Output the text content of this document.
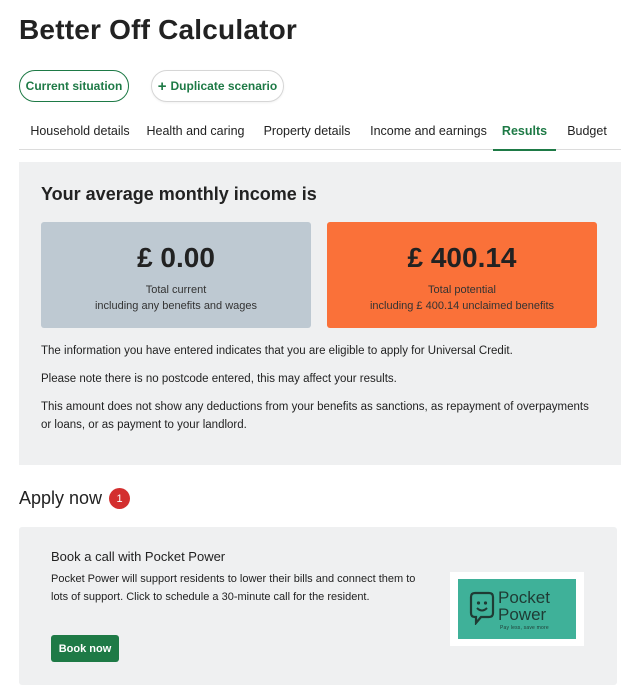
Better Off Calculator
Current situation + Duplicate scenario
Household details Health and caring Property details Income and earnings Results Budget
Your average monthly income is
£ 0.00
Total current
including any benefits and wages
£ 400.14
Total potential
including £ 400.14 unclaimed benefits

The information you have entered indicates that you are eligible to apply for Universal Credit.

Please note there is no postcode entered, this may affect your results.

This amount does not show any deductions from your benefits as sanctions, as repayment of overpayments or loans, or as payment to your landlord.

Apply now	1
Book a call with Pocket Power

Pocket Power will support residents to lower their bills and connect them to lots of support. Click to schedule a 30-minute call for the resident.

Book now
Pocket
Power
Pay less, save more
